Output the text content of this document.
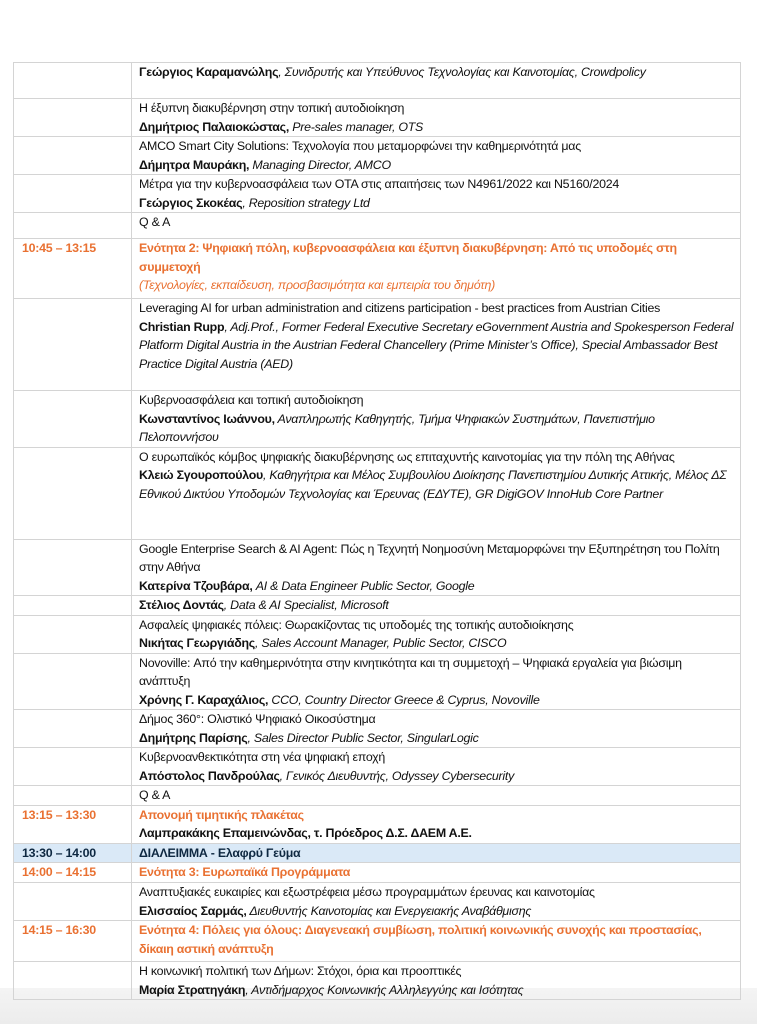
	Γεώργιος Καραμανώλης, Συνιδρυτής και Υπεύθυνος Τεχνολογίας και Καινοτομίας, Crowdpolicy

	Η έξυπνη διακυβέρνηση στην τοπική αυτοδιοίκηση
Δημήτριος Παλαιοκώστας, Pre-sales manager, OTS

	AMCO Smart City Solutions: Τεχνολογία που μεταμορφώνει την καθημερινότητά μας
Δήμητρα Μαυράκη, Managing Director, AMCO

	Μέτρα για την κυβερνοασφάλεια των ΟΤΑ στις απαιτήσεις των N4961/2022 και N5160/2024
Γεώργιος Σκοκέας, Reposition strategy Ltd

	Q & A

10:45 – 13:15	Ενότητα 2: Ψηφιακή πόλη, κυβερνοασφάλεια και έξυπνη διακυβέρνηση: Από τις υποδομές στη συμμετοχή
(Τεχνολογίες, εκπαίδευση, προσβασιμότητα και εμπειρία του δημότη)

	Leveraging AI for urban administration and citizens participation - best practices from Austrian Cities
Christian Rupp, Adj.Prof., Former Federal Executive Secretary eGovernment Austria and Spokesperson Federal Platform Digital Austria in the Austrian Federal Chancellery (Prime Minister’s Office), Special Ambassador Best Practice Digital Austria (AED)

	Κυβερνοασφάλεια και τοπική αυτοδιοίκηση
Κωνσταντίνος Ιωάννου, Αναπληρωτής Καθηγητής, Τμήμα Ψηφιακών Συστημάτων, Πανεπιστήμιο Πελοποννήσου

	Ο ευρωπαϊκός κόμβος ψηφιακής διακυβέρνησης ως επιταχυντής καινοτομίας για την πόλη της Αθήνας
Κλειώ Σγουροπούλου, Καθηγήτρια και Μέλος Συμβουλίου Διοίκησης Πανεπιστημίου Δυτικής Αττικής, Μέλος ΔΣ Εθνικού Δικτύου Υποδομών Τεχνολογίας και Έρευνας (ΕΔΥΤΕ), GR DigiGOV InnoHub Core Partner

	Google Enterprise Search & AI Agent: Πώς η Τεχνητή Νοημοσύνη Μεταμορφώνει την Εξυπηρέτηση του Πολίτη στην Αθήνα
Κατερίνα Τζουβάρα, AI & Data Engineer Public Sector, Google

	Στέλιος Δοντάς, Data & AI Specialist, Microsoft

	Ασφαλείς ψηφιακές πόλεις: Θωρακίζοντας τις υποδομές της τοπικής αυτοδιοίκησης
Νικήτας Γεωργιάδης, Sales Account Manager, Public Sector, CISCO

	Novoville: Από την καθημερινότητα στην κινητικότητα και τη συμμετοχή – Ψηφιακά εργαλεία για βιώσιμη ανάπτυξη
Χρόνης Γ. Καραχάλιος, CCO, Country Director Greece & Cyprus, Novoville

	Δήμος 360°: Ολιστικό Ψηφιακό Οικοσύστημα
Δημήτρης Παρίσης, Sales Director Public Sector, SingularLogic

	Κυβερνοανθεκτικότητα στη νέα ψηφιακή εποχή
Απόστολος Πανδρούλας, Γενικός Διευθυντής, Odyssey Cybersecurity

	Q & A

13:15 – 13:30	Απονομή τιμητικής πλακέτας
Λαμπρακάκης Επαμεινώνδας, τ. Πρόεδρος Δ.Σ. ΔΑΕΜ Α.Ε.

13:30 – 14:00	ΔΙΑΛΕΙΜΜΑ - Ελαφρύ Γεύμα
14:00 – 14:15	Ενότητα 3: Ευρωπαϊκά Προγράμματα

	Αναπτυξιακές ευκαιρίες και εξωστρέφεια μέσω προγραμμάτων έρευνας και καινοτομίας
Ελισσαίος Σαρμάς, Διευθυντής Καινοτομίας και Ενεργειακής Αναβάθμισης

14:15 – 16:30	Ενότητα 4: Πόλεις για όλους: Διαγενεακή συμβίωση, πολιτική κοινωνικής συνοχής και προστασίας, δίκαιη αστική ανάπτυξη

	Η κοινωνική πολιτική των Δήμων: Στόχοι, όρια και προοπτικές
Μαρία Στρατηγάκη, Αντιδήμαρχος Κοινωνικής Αλληλεγγύης και Ισότητας
